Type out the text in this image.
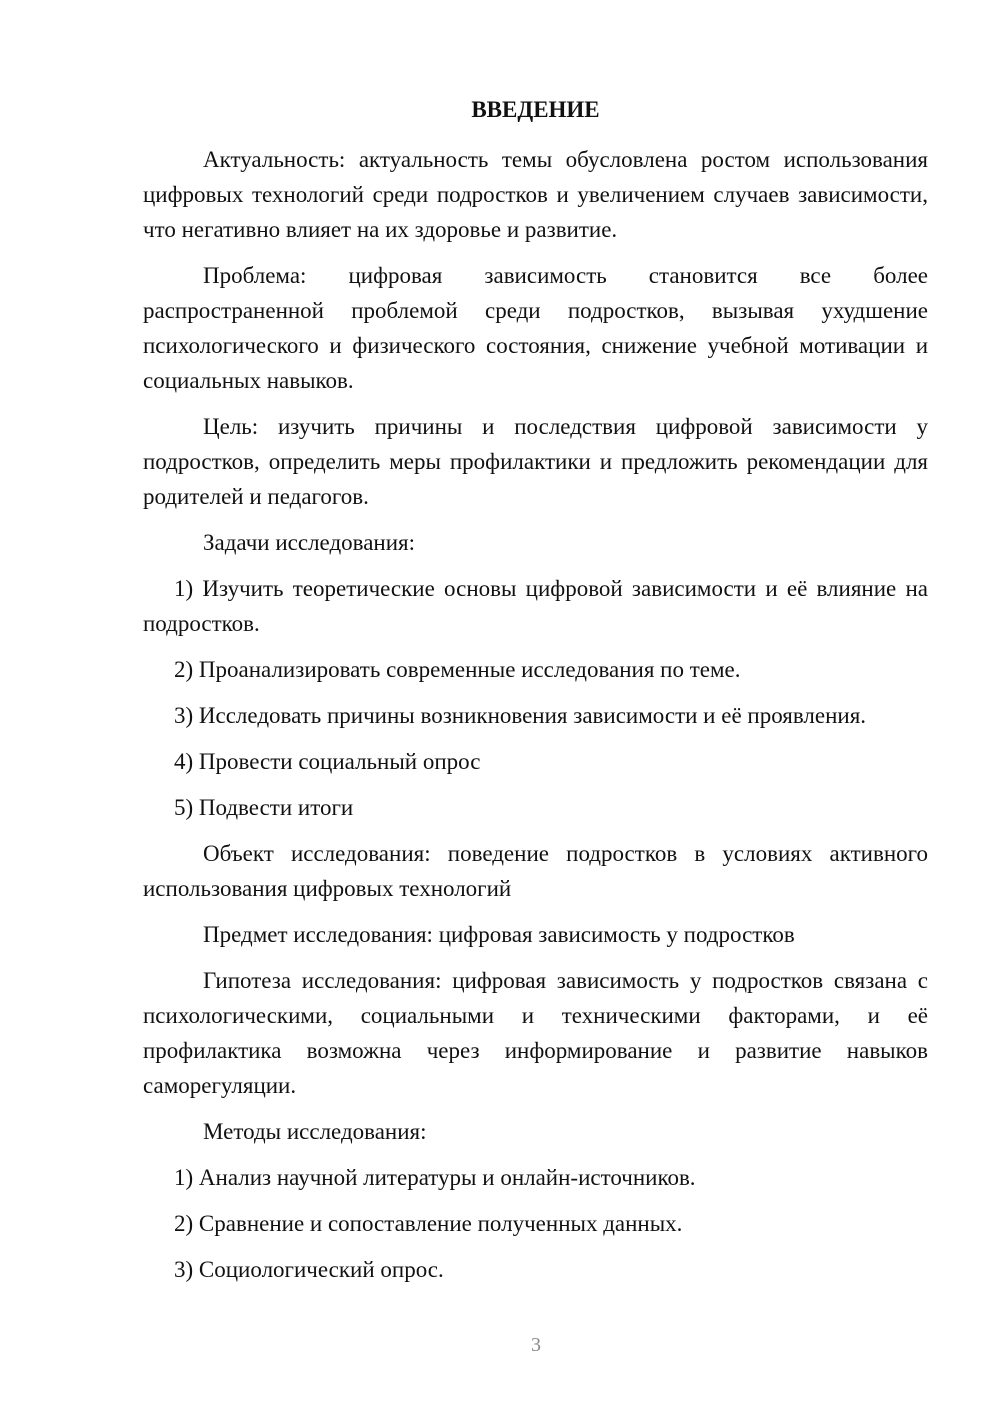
ВВЕДЕНИЕ
Актуальность: актуальность темы обусловлена ростом использования цифровых технологий среди подростков и увеличением случаев зависимости, что негативно влияет на их здоровье и развитие.
Проблема: цифровая зависимость становится все более распространенной проблемой среди подростков, вызывая ухудшение психологического и физического состояния, снижение учебной мотивации и социальных навыков.
Цель: изучить причины и последствия цифровой зависимости у подростков, определить меры профилактики и предложить рекомендации для родителей и педагогов.
Задачи исследования:
1) Изучить теоретические основы цифровой зависимости и её влияние на подростков.
2) Проанализировать современные исследования по теме.
3) Исследовать причины возникновения зависимости и её проявления.
4) Провести социальный опрос
5) Подвести итоги
Объект исследования: поведение подростков в условиях активного использования цифровых технологий
Предмет исследования: цифровая зависимость у подростков
Гипотеза исследования: цифровая зависимость у подростков связана с психологическими, социальными и техническими факторами, и её профилактика возможна через информирование и развитие навыков саморегуляции.
Методы исследования:
1) Анализ научной литературы и онлайн-источников.
2) Сравнение и сопоставление полученных данных.
3) Социологический опрос.
3
